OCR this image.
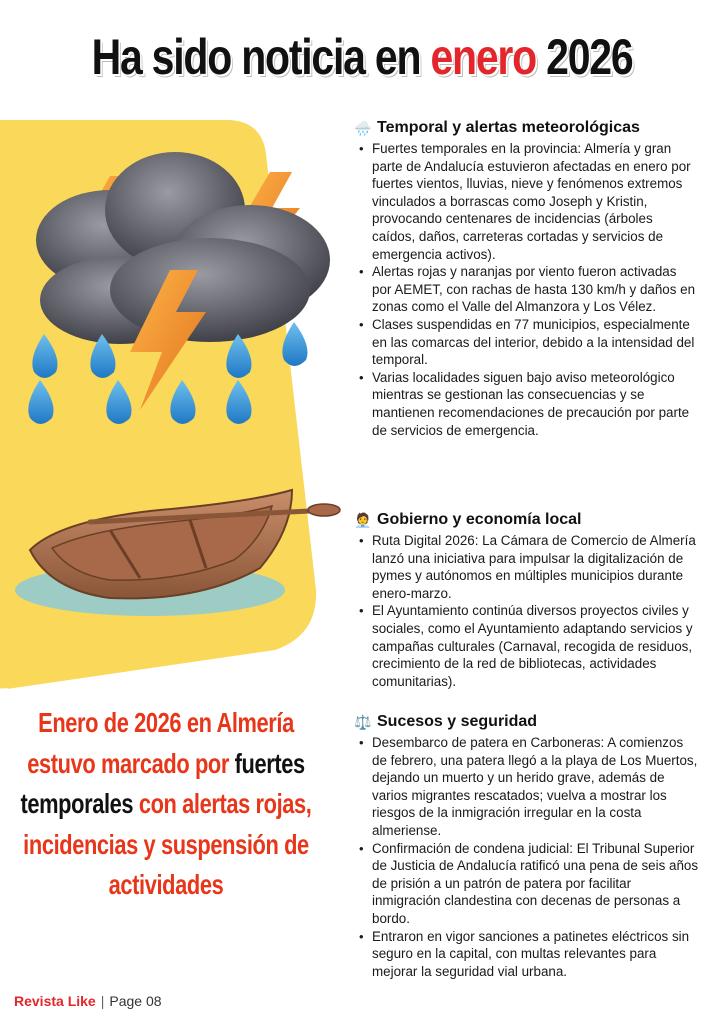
Ha sido noticia en enero 2026
🌧️ Temporal y alertas meteorológicas
• Fuertes temporales en la provincia: Almería y gran parte de Andalucía estuvieron afectadas en enero por fuertes vientos, lluvias, nieve y fenómenos extremos vinculados a borrascas como Joseph y Kristin, provocando centenares de incidencias (árboles caídos, daños, carreteras cortadas y servicios de emergencia activos).
• Alertas rojas y naranjas por viento fueron activadas por AEMET, con rachas de hasta 130 km/h y daños en zonas como el Valle del Almanzora y Los Vélez.
• Clases suspendidas en 77 municipios, especialmente en las comarcas del interior, debido a la intensidad del temporal.
• Varias localidades siguen bajo aviso meteorológico mientras se gestionan las consecuencias y se mantienen recomendaciones de precaución por parte de servicios de emergencia.
🧑‍💼 Gobierno y economía local
• Ruta Digital 2026: La Cámara de Comercio de Almería lanzó una iniciativa para impulsar la digitalización de pymes y autónomos en múltiples municipios durante enero-marzo.
• El Ayuntamiento continúa diversos proyectos civiles y sociales, como el Ayuntamiento adaptando servicios y campañas culturales (Carnaval, recogida de residuos, crecimiento de la red de bibliotecas, actividades comunitarias).
⚖️ Sucesos y seguridad
• Desembarco de patera en Carboneras: A comienzos de febrero, una patera llegó a la playa de Los Muertos, dejando un muerto y un herido grave, además de varios migrantes rescatados; vuelva a mostrar los riesgos de la inmigración irregular en la costa almeriense.
• Confirmación de condena judicial: El Tribunal Superior de Justicia de Andalucía ratificó una pena de seis años de prisión a un patrón de patera por facilitar inmigración clandestina con decenas de personas a bordo.
• Entraron en vigor sanciones a patinetes eléctricos sin seguro en la capital, con multas relevantes para mejorar la seguridad vial urbana.
Enero de 2026 en Almería estuvo marcado por fuertes temporales con alertas rojas, incidencias y suspensión de actividades
Revista Like | Page 08
